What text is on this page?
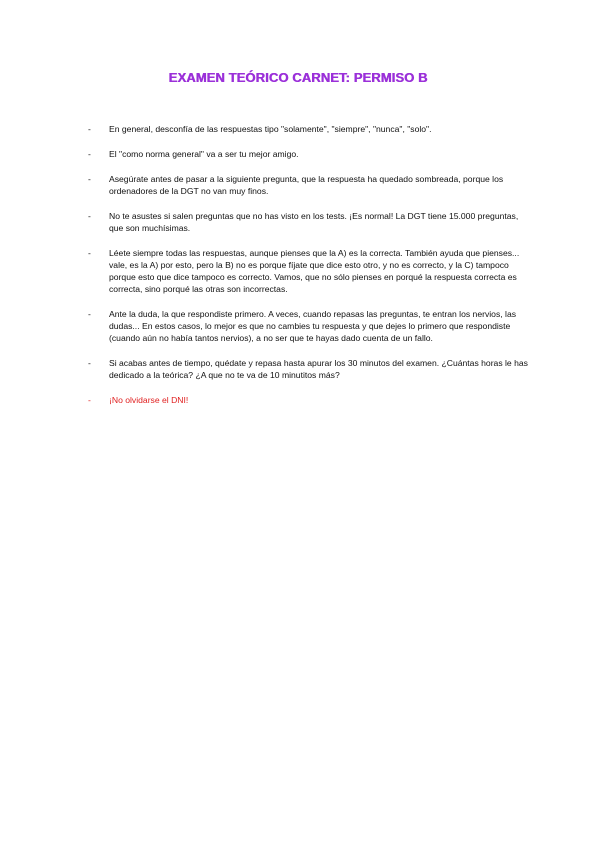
EXAMEN TEÓRICO CARNET: PERMISO B
- En general, desconfía de las respuestas tipo "solamente", "siempre", "nunca", "solo".
- El "como norma general" va a ser tu mejor amigo.
- Asegúrate antes de pasar a la siguiente pregunta, que la respuesta ha quedado sombreada, porque los ordenadores de la DGT no van muy finos.
- No te asustes si salen preguntas que no has visto en los tests. ¡Es normal! La DGT tiene 15.000 preguntas, que son muchísimas.
- Léete siempre todas las respuestas, aunque pienses que la A) es la correcta. También ayuda que pienses... vale, es la A) por esto, pero la B) no es porque fíjate que dice esto otro, y no es correcto, y la C) tampoco porque esto que dice tampoco es correcto. Vamos, que no sólo pienses en porqué la respuesta correcta es correcta, sino porqué las otras son incorrectas.
- Ante la duda, la que respondiste primero. A veces, cuando repasas las preguntas, te entran los nervios, las dudas... En estos casos, lo mejor es que no cambies tu respuesta y que dejes lo primero que respondiste (cuando aún no había tantos nervios), a no ser que te hayas dado cuenta de un fallo.
- Si acabas antes de tiempo, quédate y repasa hasta apurar los 30 minutos del examen. ¿Cuántas horas le has dedicado a la teórica? ¿A que no te va de 10 minutitos más?
- ¡No olvidarse el DNI!
